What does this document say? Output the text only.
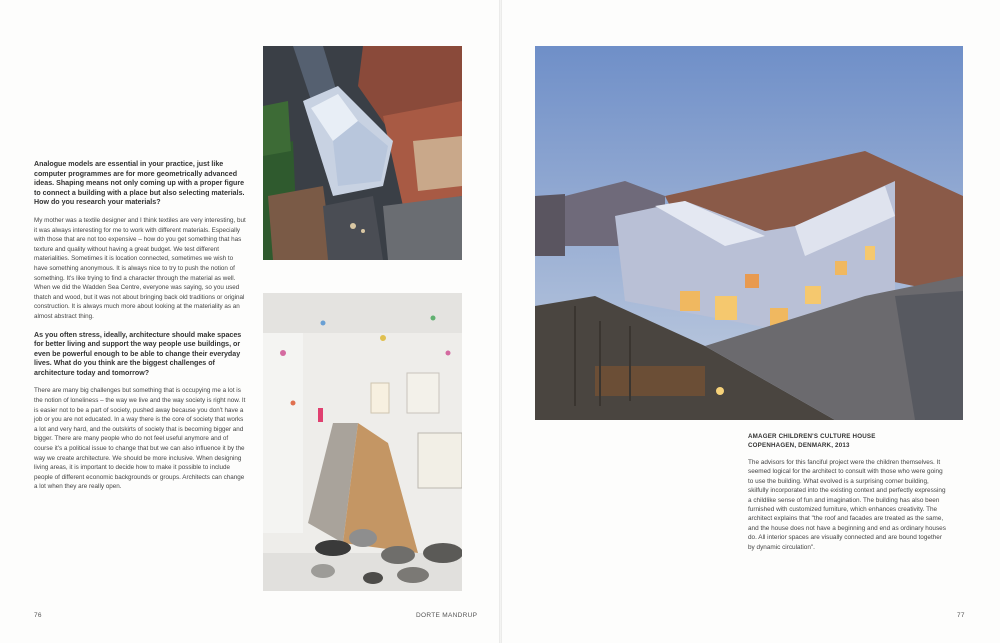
Analogue models are essential in your practice, just like computer programmes are for more geometrically advanced ideas. Shaping means not only coming up with a proper figure to connect a building with a place but also selecting materials. How do you research your materials?

My mother was a textile designer and I think textiles are very interesting, but it was always interesting for me to work with different materials. Especially with those that are not too expensive – how do you get something that has texture and quality without having a great budget. We test different materialities. Sometimes it is location connected, sometimes we wish to have something anonymous. It is always nice to try to push the notion of something. It's like trying to find a character through the material as well. When we did the Wadden Sea Centre, everyone was saying, so you used thatch and wood, but it was not about bringing back old traditions or original construction. It is always much more about looking at the materiality as an almost abstract thing.

As you often stress, ideally, architecture should make spaces for better living and support the way people use buildings, or even be powerful enough to be able to change their everyday lives. What do you think are the biggest challenges of architecture today and tomorrow?

There are many big challenges but something that is occupying me a lot is the notion of loneliness – the way we live and the way society is right now. It is easier not to be a part of society, pushed away because you don't have a job or you are not educated. In a way there is the core of society that works a lot and very hard, and the outskirts of society that is becoming bigger and bigger. There are many people who do not feel useful anymore and of course it's a political issue to change that but we can also influence it by the way we create architecture. We should be more inclusive. When designing living areas, it is important to decide how to make it possible to include people of different economic backgrounds or groups. Architects can change a lot when they are really open.

AMAGER CHILDREN'S CULTURE HOUSE
COPENHAGEN, DENMARK, 2013

The advisors for this fanciful project were the children themselves. It seemed logical for the architect to consult with those who were going to use the building. What evolved is a surprising corner building, skilfully incorporated into the existing context and perfectly expressing a childlike sense of fun and imagination. The building has also been furnished with customized furniture, which enhances creativity. The architect explains that "the roof and facades are treated as the same, and the house does not have a beginning and end as ordinary houses do. All interior spaces are visually connected and are bound together by dynamic circulation".

76	DORTE MANDRUP	77
